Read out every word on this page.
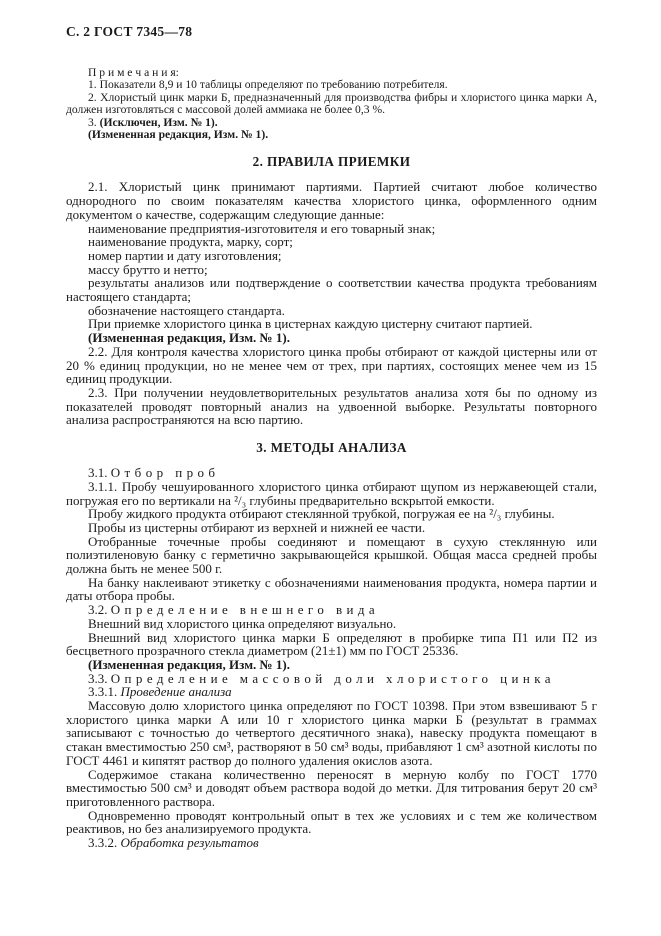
С. 2 ГОСТ 7345—78

П р и м е ч а н и я:

1. Показатели 8,9 и 10 таблицы определяют по требованию потребителя.

2. Хлористый цинк марки Б, предназначенный для производства фибры и хлористого цинка марки А, должен изготовляться с массовой долей аммиака не более 0,3 %.

3. (Исключен, Изм. № 1).

(Измененная редакция, Изм. № 1).

2. ПРАВИЛА ПРИЕМКИ

2.1. Хлористый цинк принимают партиями. Партией считают любое количество однородного по своим показателям качества хлористого цинка, оформленного одним документом о качестве, содержащим следующие данные:

наименование предприятия-изготовителя и его товарный знак;

наименование продукта, марку, сорт;

номер партии и дату изготовления;

массу брутто и нетто;

результаты анализов или подтверждение о соответствии качества продукта требованиям настоящего стандарта;

обозначение настоящего стандарта.

При приемке хлористого цинка в цистернах каждую цистерну считают партией.

(Измененная редакция, Изм. № 1).

2.2. Для контроля качества хлористого цинка пробы отбирают от каждой цистерны или от 20 % единиц продукции, но не менее чем от трех, при партиях, состоящих менее чем из 15 единиц продукции.

2.3. При получении неудовлетворительных результатов анализа хотя бы по одному из показателей проводят повторный анализ на удвоенной выборке. Результаты повторного анализа распространяются на всю партию.

3. МЕТОДЫ АНАЛИЗА

3.1. Отбор проб

3.1.1. Пробу чешуированного хлористого цинка отбирают щупом из нержавеющей стали, погружая его по вертикали на ²/₃ глубины предварительно вскрытой емкости.

Пробу жидкого продукта отбирают стеклянной трубкой, погружая ее на ²/₃ глубины.

Пробы из цистерны отбирают из верхней и нижней ее части.

Отобранные точечные пробы соединяют и помещают в сухую стеклянную или полиэтиленовую банку с герметично закрывающейся крышкой. Общая масса средней пробы должна быть не менее 500 г.

На банку наклеивают этикетку с обозначениями наименования продукта, номера партии и даты отбора пробы.

3.2. Определение внешнего вида

Внешний вид хлористого цинка определяют визуально.

Внешний вид хлористого цинка марки Б определяют в пробирке типа П1 или П2 из бесцветного прозрачного стекла диаметром (21±1) мм по ГОСТ 25336.

(Измененная редакция, Изм. № 1).

3.3. Определение массовой доли хлористого цинка

3.3.1. Проведение анализа

Массовую долю хлористого цинка определяют по ГОСТ 10398. При этом взвешивают 5 г хлористого цинка марки А или 10 г хлористого цинка марки Б (результат в граммах записывают с точностью до четвертого десятичного знака), навеску продукта помещают в стакан вместимостью 250 см³, растворяют в 50 см³ воды, прибавляют 1 см³ азотной кислоты по ГОСТ 4461 и кипятят раствор до полного удаления окислов азота.

Содержимое стакана количественно переносят в мерную колбу по ГОСТ 1770 вместимостью 500 см³ и доводят объем раствора водой до метки. Для титрования берут 20 см³ приготовленного раствора.

Одновременно проводят контрольный опыт в тех же условиях и с тем же количеством реактивов, но без анализируемого продукта.

3.3.2. Обработка результатов
